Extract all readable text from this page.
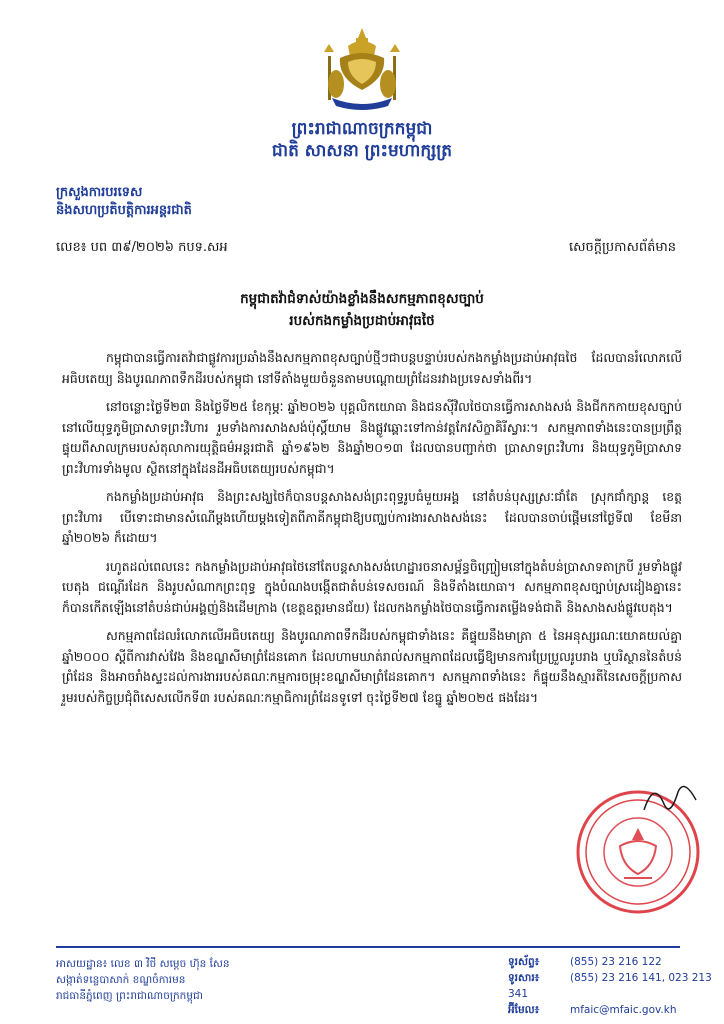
ព្រះរាជាណាចក្រកម្ពុជា
ជាតិ សាសនា ព្រះមហាក្សត្រ
ក្រសួងការបរទេស
និងសហប្រតិបត្តិការអន្តរជាតិ
លេខ៖ បព ៣៩/២០២៦ កបទ.សអ	សេចក្តីប្រកាសព័ត៌មាន
កម្ពុជាតវ៉ាជំទាស់យ៉ាងខ្លាំងនឹងសកម្មភាពខុសច្បាប់
របស់កងកម្លាំងប្រដាប់អាវុធថៃ

កម្ពុជាបានធ្វើការតវ៉ាជាផ្លូវការប្រឆាំងនឹងសកម្មភាពខុសច្បាប់ថ្មីៗជាបន្តបន្ទាប់របស់កងកម្លាំងប្រដាប់អាវុធថៃ ដែលបានរំលោភលើអធិបតេយ្យ និងបូរណភាពទឹកដីរបស់កម្ពុជា នៅទីតាំងមួយចំនួនតាមបណ្តោយព្រំដែនរវាងប្រទេសទាំងពីរ។

នៅចន្លោះថ្ងៃទី២៣ និងថ្ងៃទី២៥ ខែកុម្ភៈ ឆ្នាំ២០២៦ បុគ្គលិកយោធា និងជនស៊ីវិលថៃបានធ្វើការសាងសង់ និងជីកកកាយខុសច្បាប់នៅលើយុទ្ធភូមិប្រាសាទព្រះវិហារ រួមទាំងការសាងសង់ប៉ុស្តិ៍យាម និងផ្លូវឆ្ពោះទៅកាន់វត្តកែវសិក្ខាគិរីស្វារៈ។ សកម្មភាពទាំងនេះបានប្រព្រឹត្តផ្ទុយពីសាលក្រមរបស់តុលាការយុត្តិធម៌អន្តរជាតិ ឆ្នាំ១៩៦២ និងឆ្នាំ២០១៣ ដែលបានបញ្ជាក់ថា ប្រាសាទព្រះវិហារ និងយុទ្ធភូមិប្រាសាទព្រះវិហារទាំងមូល ស្ថិតនៅក្នុងដែនដីអធិបតេយ្យរបស់កម្ពុជា។

កងកម្លាំងប្រដាប់អាវុធ និងព្រះសង្ឃថៃក៏បានបន្តសាងសង់ព្រះពុទ្ធរូបធំមួយអង្គ នៅតំបន់បុស្សស្រៈជាំតែ ស្រុកជាំក្សាន្ត ខេត្តព្រះវិហារ បើទោះជាមានសំណើម្តងហើយម្តងទៀតពីភាគីកម្ពុជាឱ្យបញ្ឈប់ការងារសាងសង់នេះ ដែលបានចាប់ផ្តើមនៅថ្ងៃទី៧ ខែមីនា ឆ្នាំ២០២៦ ក៏ដោយ។

រហូតដល់ពេលនេះ កងកម្លាំងប្រដាប់អាវុធថៃនៅតែបន្តសាងសង់ហេដ្ឋារចនាសម្ព័ន្ធចិញ្ច្រៀមនៅក្នុងតំបន់ប្រាសាទតាក្របី រួមទាំងផ្លូវបេតុង ជណ្តើរដែក និងរូបសំណាកព្រះពុទ្ធ ក្នុងបំណងបង្កើតជាតំបន់ទេសចរណ៍ និងទីតាំងយោធា។ សកម្មភាពខុសច្បាប់ស្រដៀងគ្នានេះ ក៏បានកើតឡើងនៅតំបន់ជាប់អង្គញ់និងដើមក្រាង (ខេត្តឧត្តរមានជ័យ) ដែលកងកម្លាំងថៃបានធ្វើការតម្លើងទង់ជាតិ និងសាងសង់ផ្លូវបេតុង។

សកម្មភាពដែលរំលោភលើអធិបតេយ្យ និងបូរណភាពទឹកដីរបស់កម្ពុជាទាំងនេះ គឺផ្ទុយនឹងមាត្រា ៥ នៃអនុស្សរណៈយោគយល់គ្នាឆ្នាំ២០០០ ស្តីពីការវាស់វែង និងខណ្ឌសីមាព្រំដែនគោក ដែលហាមឃាត់រាល់សកម្មភាពដែលធ្វើឱ្យមានការប្រែប្រួលរូបរាង ឬបរិស្ថាននៃតំបន់ព្រំដែន និងអាចរាំងស្ទះដល់ការងាររបស់គណៈកម្មការចម្រុះខណ្ឌសីមាព្រំដែនគោក។ សកម្មភាពទាំងនេះ ក៏ផ្ទុយនឹងស្មារតីនៃសេចក្តីប្រកាសរួមរបស់កិច្ចប្រជុំពិសេសលើកទី៣ របស់គណៈកម្មាធិការព្រំដែនទូទៅ ចុះថ្ងៃទី២៧ ខែធ្នូ ឆ្នាំ២០២៥ ផងដែរ។

អាសយដ្ឋាន៖ លេខ ៣ វិថី សម្តេច ហ៊ុន សែន
សង្កាត់ទន្លេបាសាក់ ខណ្ឌចំការមន
រាជធានីភ្នំពេញ ព្រះរាជាណាចក្រកម្ពុជា
ទូរស័ព្ទ៖	(855) 23 216 122
ទូរសារ៖	(855) 23 216 141, 023 213 341
អ៊ីមែល៖	mfaic@mfaic.gov.kh
